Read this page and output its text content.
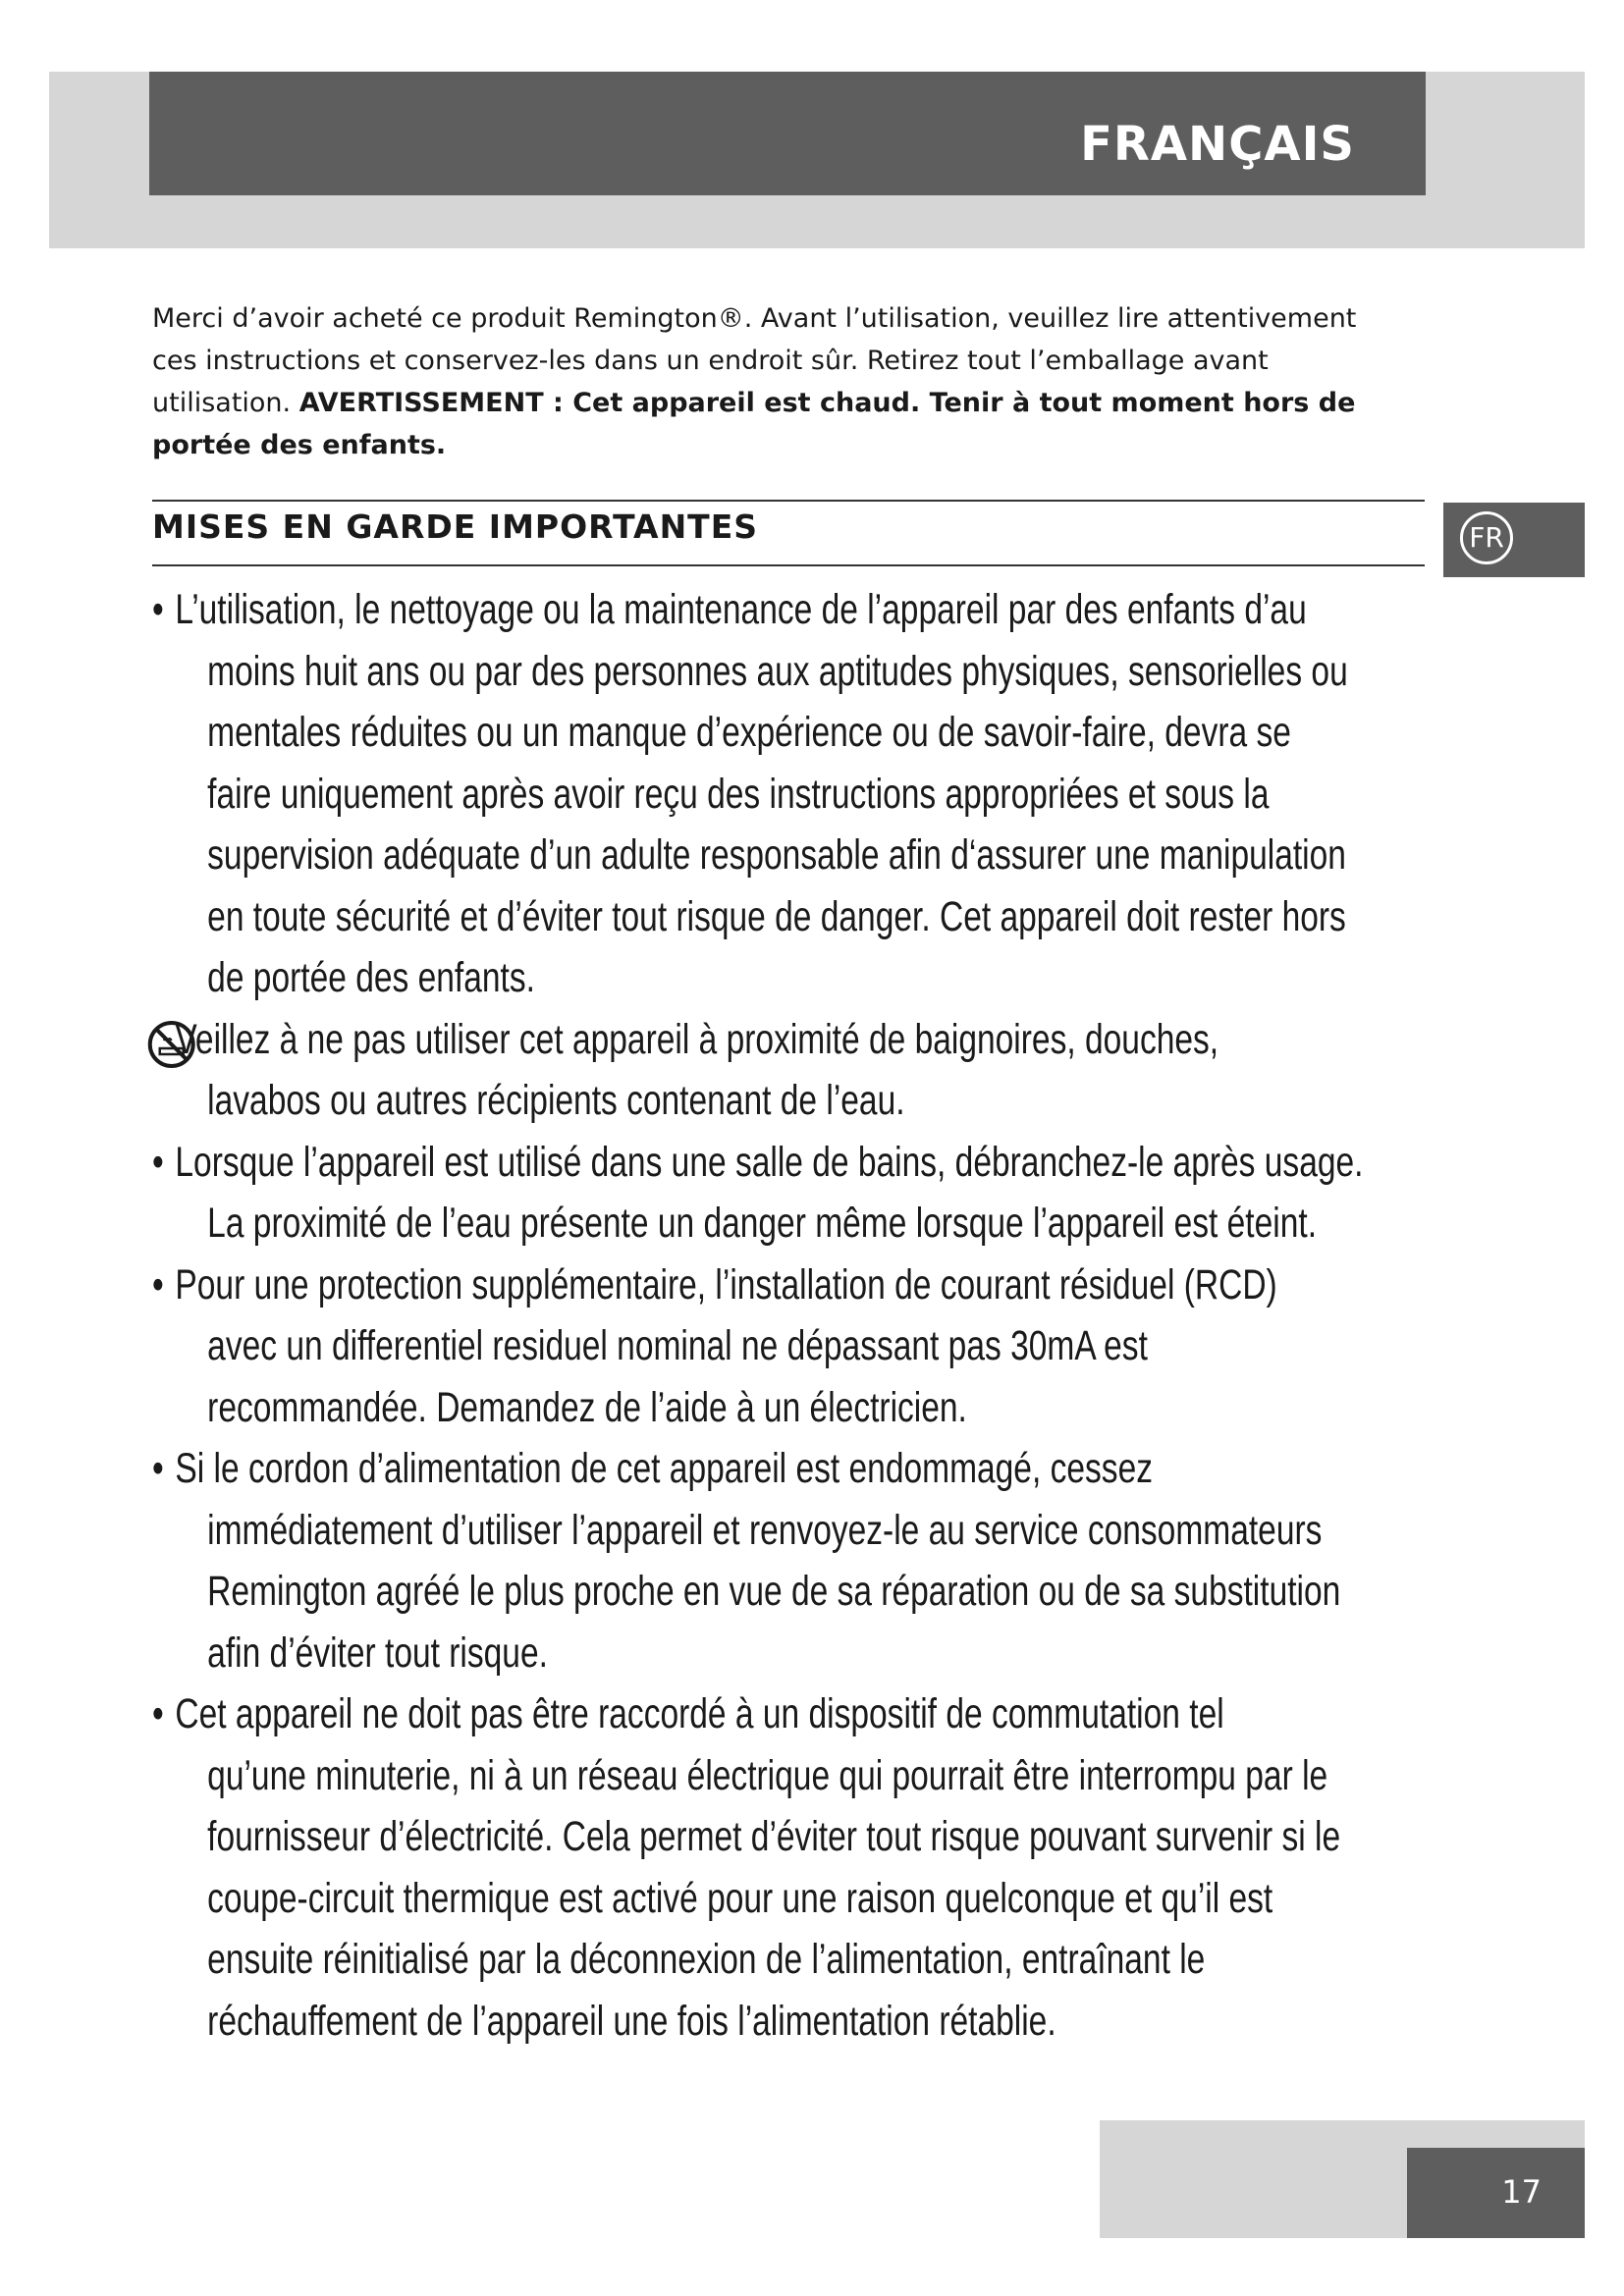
FRANÇAIS
Merci d’avoir acheté ce produit Remington®. Avant l’utilisation, veuillez lire attentivement ces instructions et conservez-les dans un endroit sûr. Retirez tout l’emballage avant utilisation. AVERTISSEMENT : Cet appareil est chaud. Tenir à tout moment hors de portée des enfants.
MISES EN GARDE IMPORTANTES	FR
• L’utilisation, le nettoyage ou la maintenance de l’appareil par des enfants d’au
moins huit ans ou par des personnes aux aptitudes physiques, sensorielles ou
mentales réduites ou un manque d’expérience ou de savoir-faire, devra se
faire uniquement après avoir reçu des instructions appropriées et sous la
supervision adéquate d’un adulte responsable afin d‘assurer une manipulation
en toute sécurité et d’éviter tout risque de danger. Cet appareil doit rester hors
de portée des enfants.
Veillez à ne pas utiliser cet appareil à proximité de baignoires, douches,
lavabos ou autres récipients contenant de l’eau.
• Lorsque l’appareil est utilisé dans une salle de bains, débranchez-le après usage.
La proximité de l’eau présente un danger même lorsque l’appareil est éteint.
• Pour une protection supplémentaire, l’installation de courant résiduel (RCD)
avec un differentiel residuel nominal ne dépassant pas 30mA est
recommandée. Demandez de l’aide à un électricien.
• Si le cordon d’alimentation de cet appareil est endommagé, cessez
immédiatement d’utiliser l’appareil et renvoyez-le au service consommateurs
Remington agréé le plus proche en vue de sa réparation ou de sa substitution
afin d’éviter tout risque.
• Cet appareil ne doit pas être raccordé à un dispositif de commutation tel
qu’une minuterie, ni à un réseau électrique qui pourrait être interrompu par le
fournisseur d’électricité. Cela permet d’éviter tout risque pouvant survenir si le
coupe-circuit thermique est activé pour une raison quelconque et qu’il est
ensuite réinitialisé par la déconnexion de l’alimentation, entraînant le
réchauffement de l’appareil une fois l’alimentation rétablie.
17
